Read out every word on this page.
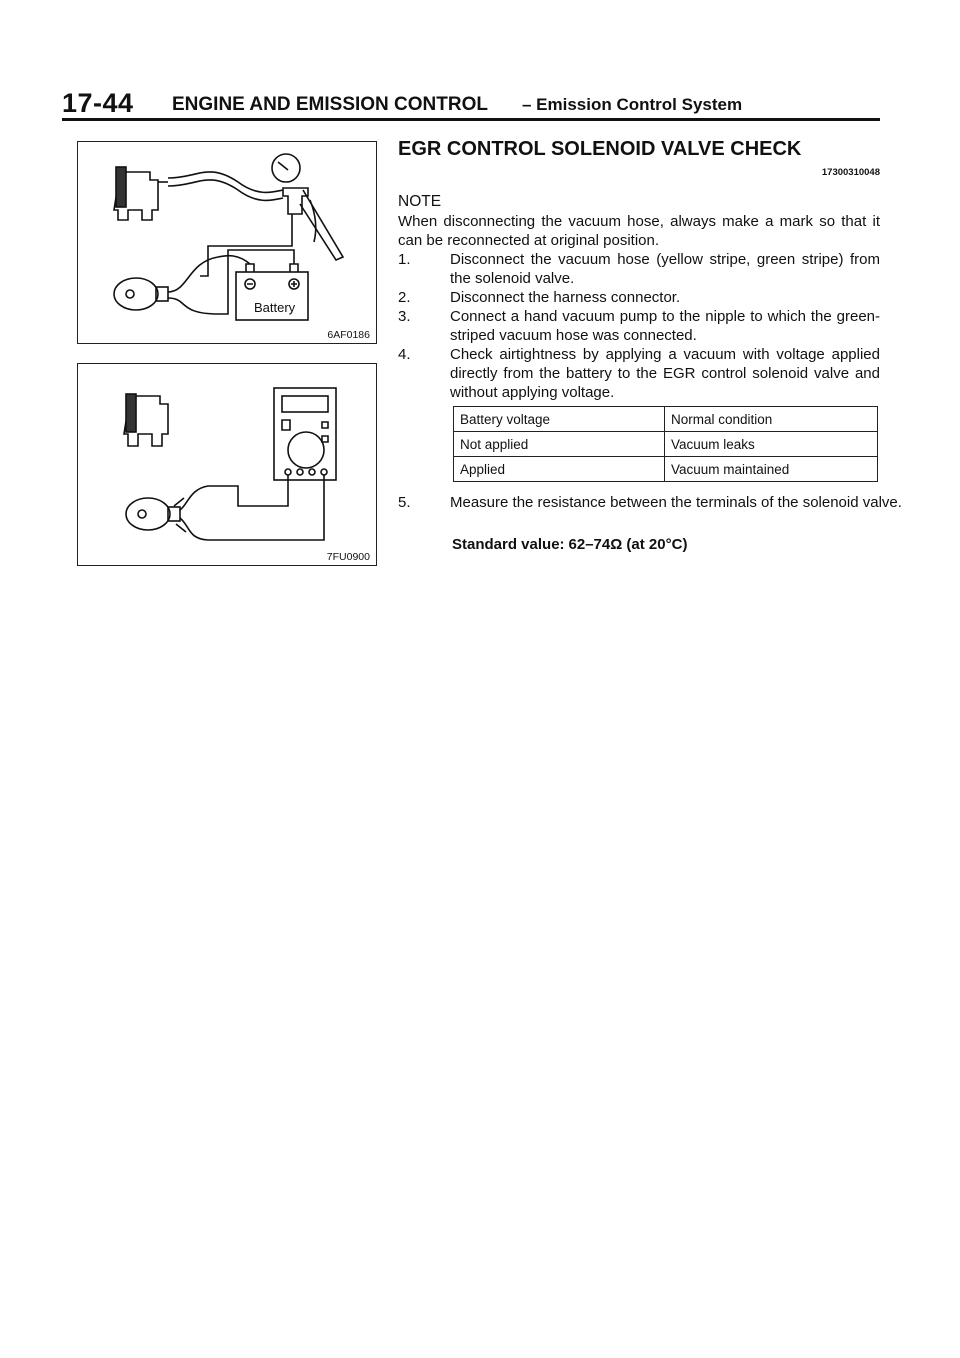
17-44 ENGINE AND EMISSION CONTROL – Emission Control System
Battery
6AF0186
7FU0900
EGR CONTROL SOLENOID VALVE CHECK
17300310048
NOTE
When disconnecting the vacuum hose, always make a mark so that it can be reconnected at original position.
1.	Disconnect the vacuum hose (yellow stripe, green stripe) from the solenoid valve.
2.	Disconnect the harness connector.
3.	Connect a hand vacuum pump to the nipple to which the green-striped vacuum hose was connected.
4.	Check airtightness by applying a vacuum with voltage applied directly from the battery to the EGR control solenoid valve and without applying voltage.
Battery voltage	Normal condition
Not applied	Vacuum leaks
Applied	Vacuum maintained
5.	Measure the resistance between the terminals of the solenoid valve.
Standard value: 62–74Ω (at 20°C)
